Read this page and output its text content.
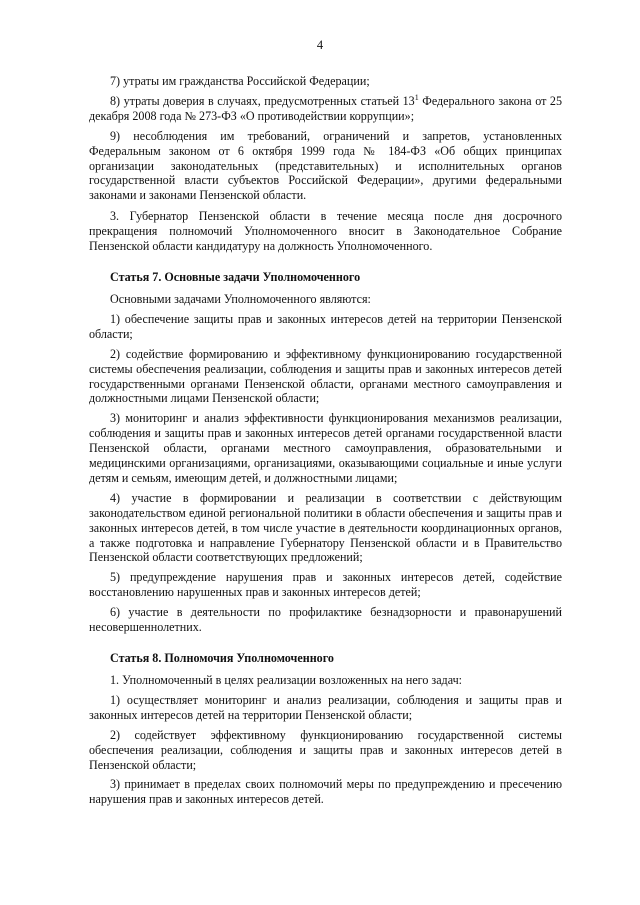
4

7) утраты им гражданства Российской Федерации;

8) утраты доверия в случаях, предусмотренных статьей $13^1$ Федерального закона от 25 декабря 2008 года № 273-ФЗ «О противодействии коррупции»;

9) несоблюдения им требований, ограничений и запретов, установленных Федеральным законом от 6 октября 1999 года № 184-ФЗ «Об общих принципах организации законодательных (представительных) и исполнительных органов государственной власти субъектов Российской Федерации», другими федеральными законами и законами Пензенской области.

3. Губернатор Пензенской области в течение месяца после дня досрочного прекращения полномочий Уполномоченного вносит в Законодательное Собрание Пензенской области кандидатуру на должность Уполномоченного.

Статья 7. Основные задачи Уполномоченного

Основными задачами Уполномоченного являются:

1) обеспечение защиты прав и законных интересов детей на территории Пензенской области;

2) содействие формированию и эффективному функционированию государственной системы обеспечения реализации, соблюдения и защиты прав и законных интересов детей государственными органами Пензенской области, органами местного самоуправления и должностными лицами Пензенской области;

3) мониторинг и анализ эффективности функционирования механизмов реализации, соблюдения и защиты прав и законных интересов детей органами государственной власти Пензенской области, органами местного самоуправления, образовательными и медицинскими организациями, организациями, оказывающими социальные и иные услуги детям и семьям, имеющим детей, и должностными лицами;

4) участие в формировании и реализации в соответствии с действующим законодательством единой региональной политики в области обеспечения и защиты прав и законных интересов детей, в том числе участие в деятельности координационных органов, а также подготовка и направление Губернатору Пензенской области и в Правительство Пензенской области соответствующих предложений;

5) предупреждение нарушения прав и законных интересов детей, содействие восстановлению нарушенных прав и законных интересов детей;

6) участие в деятельности по профилактике безнадзорности и правонарушений несовершеннолетних.

Статья 8. Полномочия Уполномоченного

1. Уполномоченный в целях реализации возложенных на него задач:

1) осуществляет мониторинг и анализ реализации, соблюдения и защиты прав и законных интересов детей на территории Пензенской области;

2) содействует эффективному функционированию государственной системы обеспечения реализации, соблюдения и защиты прав и законных интересов детей в Пензенской области;

3) принимает в пределах своих полномочий меры по предупреждению и пресечению нарушения прав и законных интересов детей.
